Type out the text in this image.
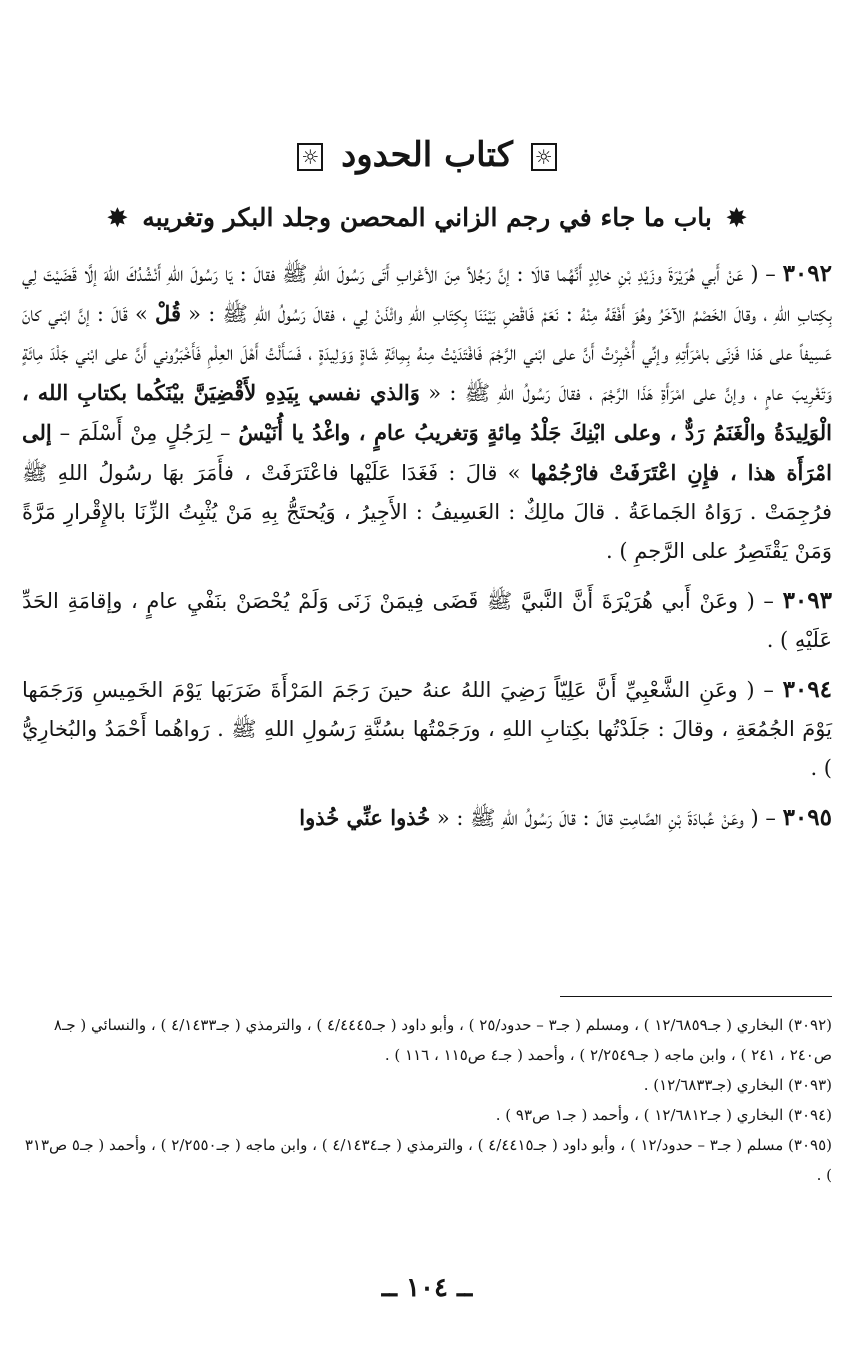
☼ كتاب الحدود ☼
✸ باب ما جاء في رجم الزاني المحصن وجلد البكر وتغريبه ✸

٣٠٩٢ – ( عَنْ أَبي هُرَيْرَةَ وزَيْدِ بْنِ خالِدٍ أَنَّهُما قالَا : إنَّ رَجُلاً مِنَ الأعْرابِ أَتَى رَسُولَ اللهِ ﷺ فقالَ : يَا رَسُولَ اللهِ أَنْشُدُكَ اللهَ إلَّا قَضَيْتَ لِي بِكِتابِ اللهِ ، وقالَ الخَصْمُ الآخَرُ وهُوَ أَفْقَهُ مِنْهُ : نَعَمْ فَاقْضِ بَيْنَنَا بِكِتَابِ اللهِ وائْذَنْ لِي ، فقالَ رَسُولُ اللهِ ﷺ : « قُلْ » قَالَ : إنَّ ابْني كانَ عَسِيفاً على هَذا فَزنَى بامْرَأَتِهِ وإنِّي أُخْبِرْتُ أَنَّ على ابْني الرَّجْمَ فَافْتَدَيْتُ مِنهُ بِمِائَةِ شَاةٍ وَوَلِيدَةٍ ، فَسَأَلْتُ أَهْلَ العِلْمِ فَأَخْبَرُوني أَنَّ على ابْني جَلْدَ مِائَةٍ وَتَغْرِيبَ عامٍ ، وإنَّ على امْرَأَةِ هَذَا الرَّجْمَ ، فقالَ رَسُولُ اللهِ ﷺ : « وَالذي نفسي بِيَدِهِ لأَقْضِيَنَّ بيْنَكُما بكتابِ الله ، الْوَلِيدَةُ والْغَنَمُ رَدٌّ ، وعلى ابْنِكَ جَلْدُ مِائةٍ وَتغريبُ عامٍ ، واغْدُ يا أُنَيْسُ – لِرَجُلٍ مِنْ أَسْلَمَ – إلى امْرَأَة هذا ، فإِنِ اعْتَرَفَتْ فارْجُمْها » قالَ : فَغَدَا عَلَيْها فاعْتَرَفَتْ ، فأَمَرَ بهَا رسُولُ اللهِ ﷺ فرُجِمَتْ . رَوَاهُ الجَماعَةُ . قالَ مالِكٌ : العَسِيفُ : الأَجِيرُ ، وَيُحتَجُّ بِهِ مَنْ يُثْبِتُ الزِّنَا بالإِقْرارِ مَرَّةً وَمَنْ يَقْتَصِرُ على الرَّجمِ ) .

٣٠٩٣ – ( وعَنْ أَبي هُرَيْرَةَ أَنَّ النَّبيَّ ﷺ قَضَى فِيمَنْ زَنَى وَلَمْ يُحْصَنْ بنَفْيِ عامٍ ، وإقامَةِ الحَدِّ عَلَيْهِ ) .

٣٠٩٤ – ( وعَنِ الشَّعْبِيِّ أَنَّ عَلِيّاً رَضِيَ اللهُ عنهُ حينَ رَجَمَ المَرْأَةَ ضَرَبَها يَوْمَ الخَمِيسِ وَرَجَمَها يَوْمَ الجُمُعَةِ ، وقالَ : جَلَدْتُها بكِتابِ اللهِ ، ورَجَمْتُها بسُنَّةِ رَسُولِ اللهِ ﷺ . رَواهُما أَحْمَدُ والبُخارِيُّ ) .

٣٠٩٥ – ( وعَنْ عُبادَةَ بْنِ الصَّامِتِ قالَ : قالَ رَسُولُ اللهِ ﷺ : « خُذوا عنِّي خُذوا

(٣٠٩٢) البخاري ( جـ١٢/٦٨٥٩ ) ، ومسلم ( جـ٣ – حدود/٢٥ ) ، وأبو داود ( جـ٤/٤٤٤٥ ) ، والترمذي ( جـ٤/١٤٣٣ ) ، والنسائي ( جـ٨ ص٢٤٠ ، ٢٤١ ) ، وابن ماجه ( جـ٢/٢٥٤٩ ) ، وأحمد ( جـ٤ ص١١٥ ، ١١٦ ) .

(٣٠٩٣) البخاري (جـ١٢/٦٨٣٣) .

(٣٠٩٤) البخاري ( جـ١٢/٦٨١٢ ) ، وأحمد ( جـ١ ص٩٣ ) .

(٣٠٩٥) مسلم ( جـ٣ – حدود/١٢ ) ، وأبو داود ( جـ٤/٤٤١٥ ) ، والترمذي ( جـ٤/١٤٣٤ ) ، وابن ماجه ( جـ٢/٢٥٥٠ ) ، وأحمد ( جـ٥ ص٣١٣ ) .

ــ ١٠٤ ــ
